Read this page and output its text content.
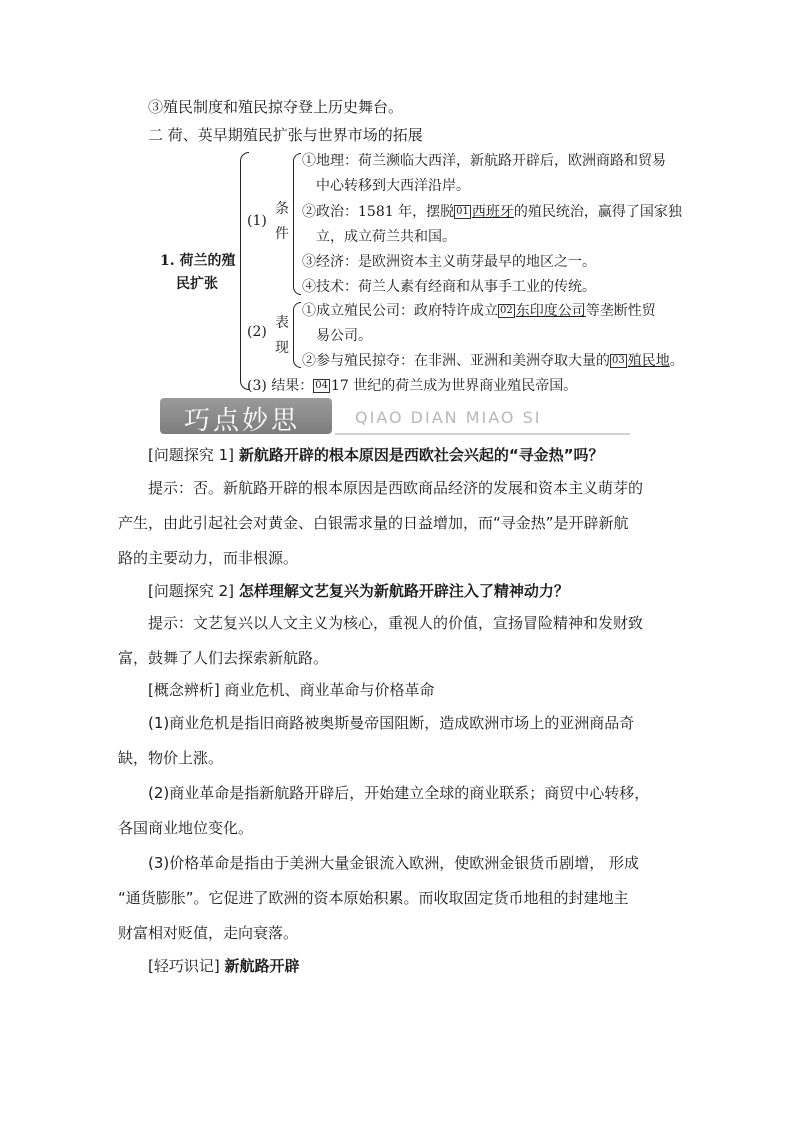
③殖民制度和殖民掠夺登上历史舞台。
二 荷、英早期殖民扩张与世界市场的拓展
1. 荷兰的殖
民扩张
(1)
条
件
①地理：荷兰濒临大西洋，新航路开辟后，欧洲商路和贸易
中心转移到大西洋沿岸。
②政治：1581 年，摆脱 01 西班牙的殖民统治，赢得了国家独
立，成立荷兰共和国。
③经济：是欧洲资本主义萌芽最早的地区之一。
④技术：荷兰人素有经商和从事手工业的传统。
(2)
表
现
①成立殖民公司：政府特许成立 02 东印度公司等垄断性贸
易公司。
②参与殖民掠夺：在非洲、亚洲和美洲夺取大量的 03 殖民地。
(3) 结果： 04 17 世纪的荷兰成为世界商业殖民帝国。
巧点妙思	QIAO DIAN MIAO SI
[问题探究 1] 新航路开辟的根本原因是西欧社会兴起的“寻金热”吗？
提示：否。新航路开辟的根本原因是西欧商品经济的发展和资本主义萌芽的
产生，由此引起社会对黄金、白银需求量的日益增加，而“寻金热”是开辟新航
路的主要动力，而非根源。
[问题探究 2] 怎样理解文艺复兴为新航路开辟注入了精神动力？
提示：文艺复兴以人文主义为核心，重视人的价值，宣扬冒险精神和发财致
富，鼓舞了人们去探索新航路。
[概念辨析] 商业危机、商业革命与价格革命
(1)商业危机是指旧商路被奥斯曼帝国阻断，造成欧洲市场上的亚洲商品奇
缺，物价上涨。
(2)商业革命是指新航路开辟后，开始建立全球的商业联系；商贸中心转移，
各国商业地位变化。
(3)价格革命是指由于美洲大量金银流入欧洲，使欧洲金银货币剧增， 形成
“通货膨胀”。它促进了欧洲的资本原始积累。而收取固定货币地租的封建地主
财富相对贬值，走向衰落。
[轻巧识记] 新航路开辟
